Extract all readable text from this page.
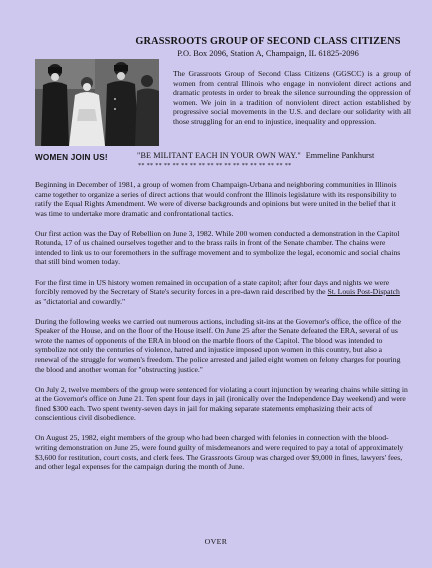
GRASSROOTS GROUP OF SECOND CLASS CITIZENS
P.O. Box 2096, Station A, Champaign, IL 61825-2096
The Grassroots Group of Second Class Citizens (GGSCC) is a group of women from central Illinois who engage in nonviolent direct actions and dramatic protests in order to break the silence surrounding the oppression of women. We join in a tradition of nonviolent direct action established by progressive social movements in the U.S. and declare our solidarity with all those struggling for an end to injustice, inequality and oppression.
WOMEN JOIN US!	"BE MILITANT EACH IN YOUR OWN WAY." Emmeline Pankhurst
** ** ** ** ** ** ** ** ** ** ** ** ** ** ** ** ** **

Beginning in December of 1981, a group of women from Champaign-Urbana and neighboring communities in Illinois came together to organize a series of direct actions that would confront the Illinois legislature with its responsibility to ratify the Equal Rights Amendment. We were of diverse backgrounds and opinions but were united in the belief that it was time to undertake more dramatic and confrontational tactics.

Our first action was the Day of Rebellion on June 3, 1982. While 200 women conducted a demonstration in the Capitol Rotunda, 17 of us chained ourselves together and to the brass rails in front of the Senate chamber. The chains were intended to link us to our foremothers in the suffrage movement and to symbolize the legal, economic and social chains that still bind women today.

For the first time in US history women remained in occupation of a state capitol; after four days and nights we were forcibly removed by the Secretary of State's security forces in a pre-dawn raid described by the St. Louis Post-Dispatch as "dictatorial and cowardly."

During the following weeks we carried out numerous actions, including sit-ins at the Governor's office, the office of the Speaker of the House, and on the floor of the House itself. On June 25 after the Senate defeated the ERA, several of us wrote the names of opponents of the ERA in blood on the marble floors of the Capitol. The blood was intended to symbolize not only the centuries of violence, hatred and injustice imposed upon women in this country, but also a renewal of the struggle for women's freedom. The police arrested and jailed eight women on felony charges for pouring the blood and another woman for "obstructing justice."

On July 2, twelve members of the group were sentenced for violating a court injunction by wearing chains while sitting in at the Governor's office on June 21. Ten spent four days in jail (ironically over the Independence Day weekend) and were fined $300 each. Two spent twenty-seven days in jail for making separate statements emphasizing their acts of conscientious civil disobedience.

On August 25, 1982, eight members of the group who had been charged with felonies in connection with the blood-writing demonstration on June 25, were found guilty of misdemeanors and were required to pay a total of approximately $3,600 for restitution, court costs, and clerk fees. The Grassroots Group was charged over $9,000 in fines, lawyers' fees, and other legal expenses for the campaign during the month of June.

OVER
